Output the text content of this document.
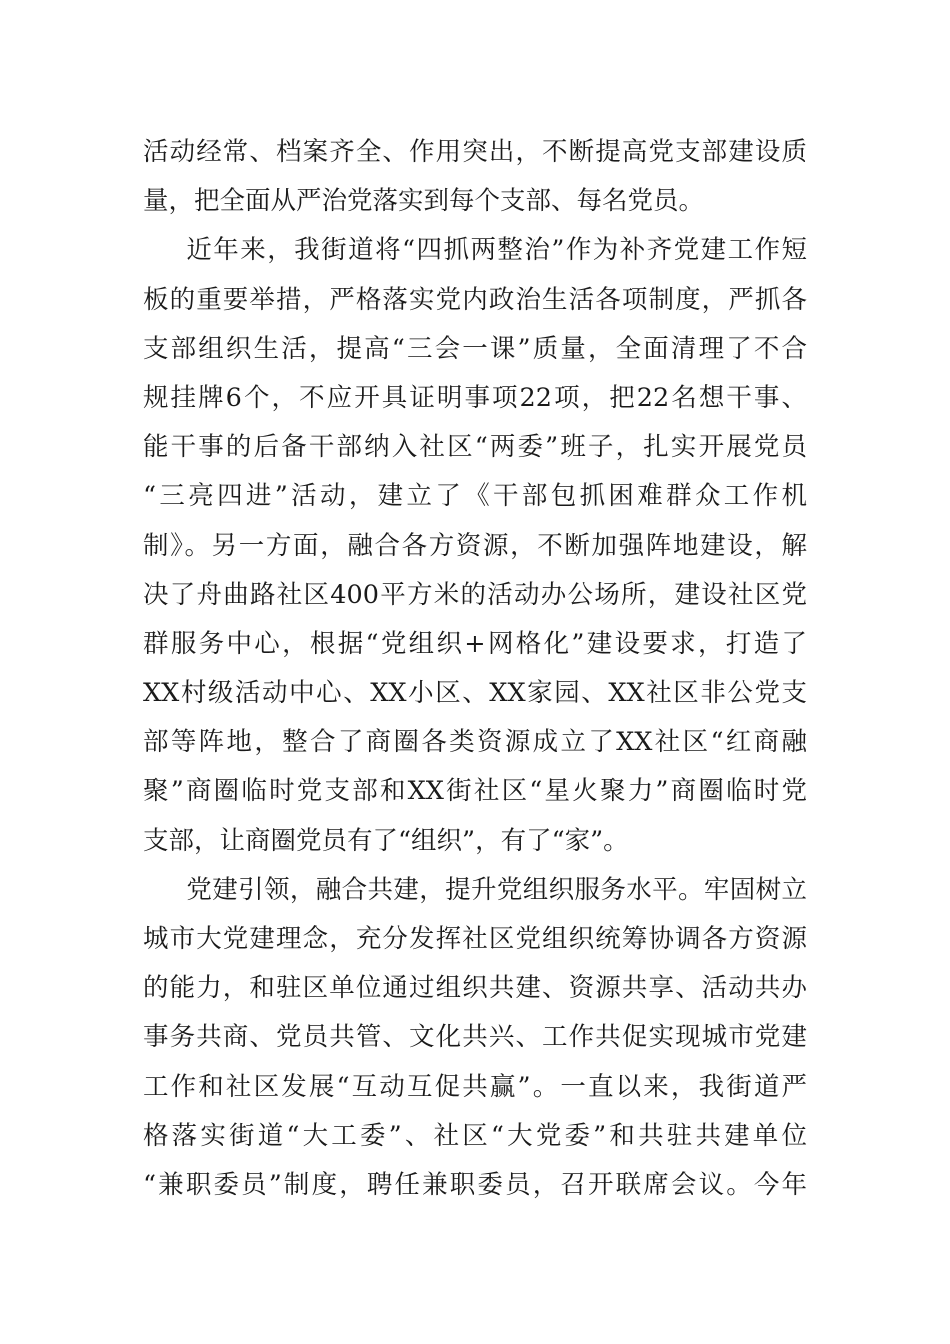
活动经常、档案齐全、作用突出，不断提高党支部建设质
量，把全面从严治党落实到每个支部、每名党员。

近年来，我街道将“四抓两整治”作为补齐党建工作短
板的重要举措，严格落实党内政治生活各项制度，严抓各
支部组织生活，提高“三会一课”质量，全面清理了不合
规挂牌6个，不应开具证明事项22项，把22名想干事、
能干事的后备干部纳入社区“两委”班子，扎实开展党员
“三亮四进”活动，建立了《干部包抓困难群众工作机
制》。另一方面，融合各方资源，不断加强阵地建设，解
决了舟曲路社区400平方米的活动办公场所，建设社区党
群服务中心，根据“党组织+网格化”建设要求，打造了
XX村级活动中心、XX小区、XX家园、XX社区非公党支
部等阵地，整合了商圈各类资源成立了XX社区“红商融
聚”商圈临时党支部和XX街社区“星火聚力”商圈临时党
支部，让商圈党员有了“组织”，有了“家”。

党建引领，融合共建，提升党组织服务水平。牢固树立
城市大党建理念，充分发挥社区党组织统筹协调各方资源
的能力，和驻区单位通过组织共建、资源共享、活动共办
事务共商、党员共管、文化共兴、工作共促实现城市党建
工作和社区发展“互动互促共赢”。一直以来，我街道严
格落实街道“大工委”、社区“大党委”和共驻共建单位
“兼职委员”制度，聘任兼职委员，召开联席会议。今年
